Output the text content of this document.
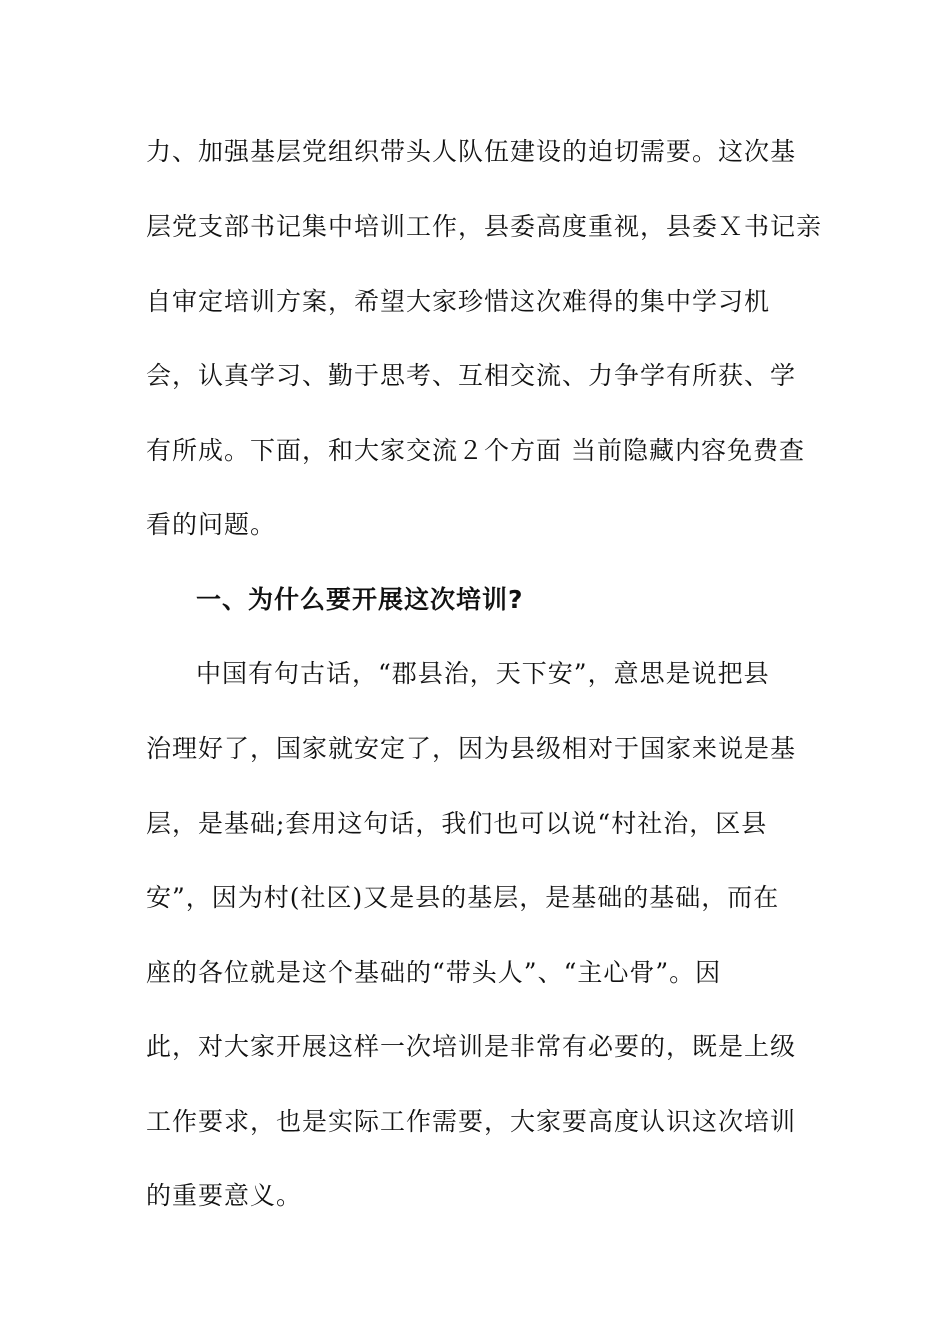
力、加强基层党组织带头人队伍建设的迫切需要。这次基
层党支部书记集中培训工作，县委高度重视，县委Ｘ书记亲
自审定培训方案，希望大家珍惜这次难得的集中学习机
会，认真学习、勤于思考、互相交流、力争学有所获、学
有所成。下面，和大家交流２个方面 当前隐藏内容免费查
看的问题。
一、为什么要开展这次培训?
中国有句古话，“郡县治，天下安”，意思是说把县
治理好了，国家就安定了，因为县级相对于国家来说是基
层，是基础;套用这句话，我们也可以说“村社治，区县
安”，因为村(社区)又是县的基层，是基础的基础，而在
座的各位就是这个基础的“带头人”、“主心骨”。因
此，对大家开展这样一次培训是非常有必要的，既是上级
工作要求，也是实际工作需要，大家要高度认识这次培训
的重要意义。
